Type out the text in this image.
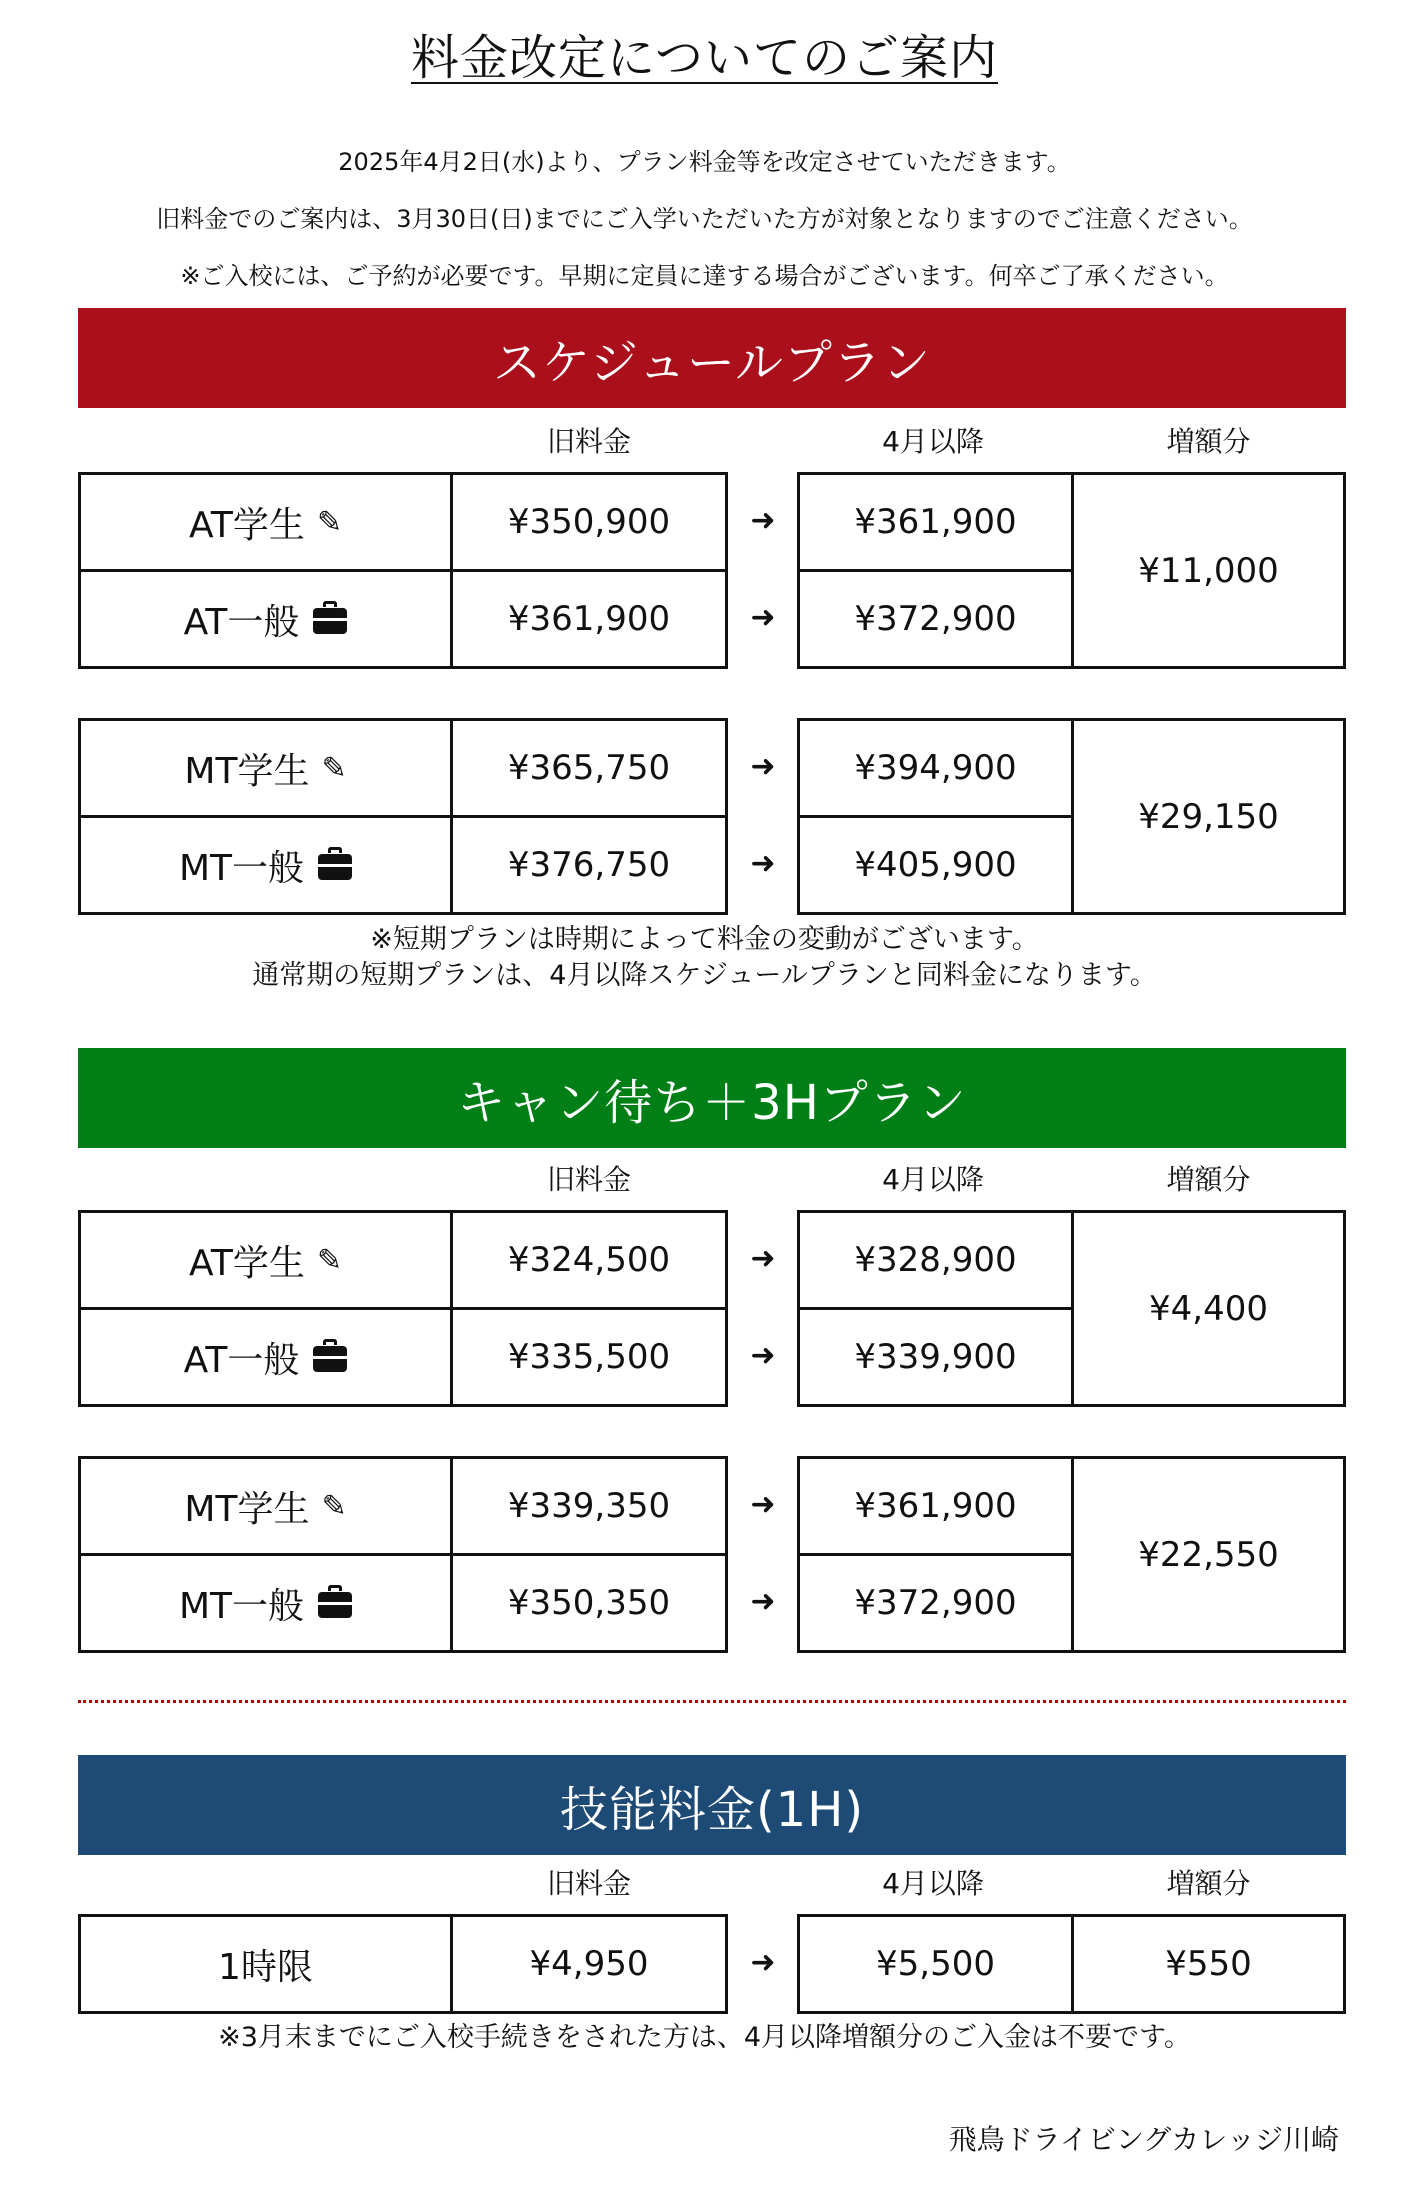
料金改定についてのご案内
2025年4月2日(水)より、プラン料金等を改定させていただきます。
旧料金でのご案内は、3月30日(日)までにご入学いただいた方が対象となりますのでご注意ください。
※ご入校には、ご予約が必要です。早期に定員に達する場合がございます。何卒ご了承ください。
スケジュールプラン
旧料金	4月以降	増額分
AT学生 ✎	¥350,900	➜	¥361,900
AT一般	¥361,900	➜	¥372,900
¥11,000
MT学生 ✎	¥365,750	➜	¥394,900
MT一般	¥376,750	➜	¥405,900
¥29,150
※短期プランは時期によって料金の変動がございます。
通常期の短期プランは、4月以降スケジュールプランと同料金になります。
キャン待ち＋3Hプラン
旧料金	4月以降	増額分
AT学生 ✎	¥324,500	➜	¥328,900
AT一般	¥335,500	➜	¥339,900
¥4,400
MT学生 ✎	¥339,350	➜	¥361,900
MT一般	¥350,350	➜	¥372,900
¥22,550
技能料金(1H)
旧料金	4月以降	増額分
1時限	¥4,950	➜	¥5,500	¥550
※3月末までにご入校手続きをされた方は、4月以降増額分のご入金は不要です。
飛鳥ドライビングカレッジ川崎
